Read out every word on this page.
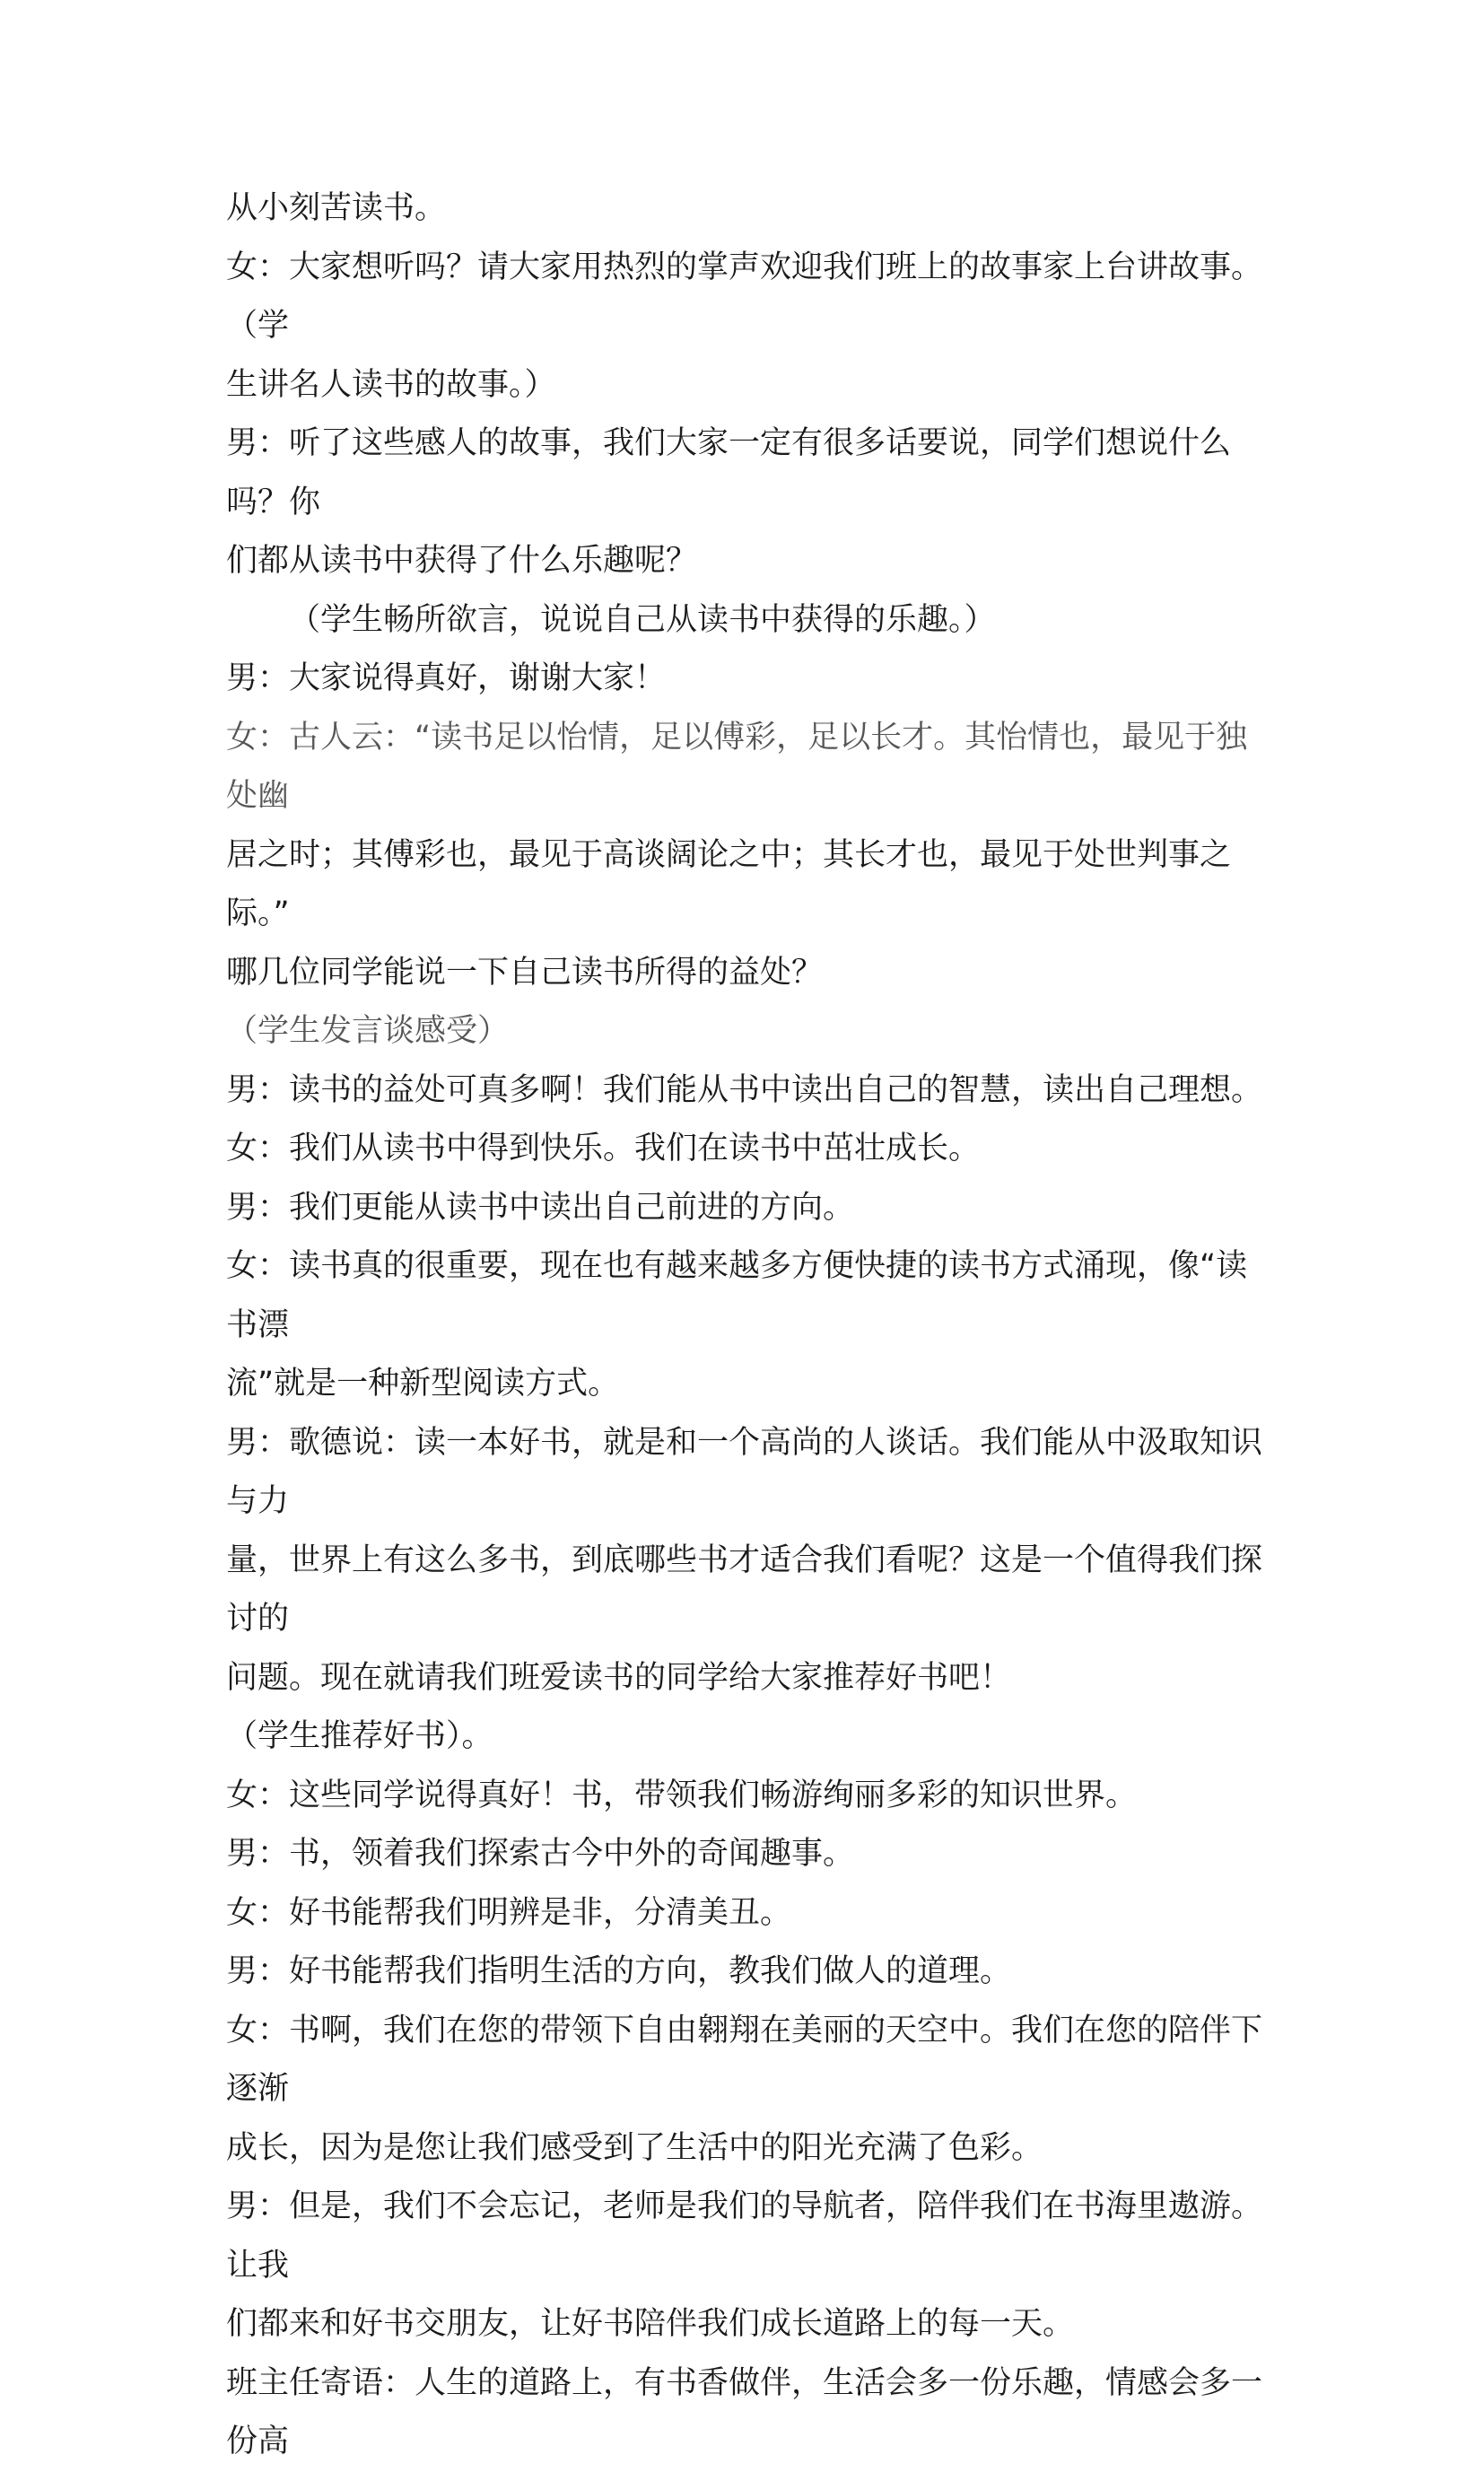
从小刻苦读书。
女：大家想听吗？请大家用热烈的掌声欢迎我们班上的故事家上台讲故事。（学
生讲名人读书的故事。）
男：听了这些感人的故事，我们大家一定有很多话要说，同学们想说什么吗？你
们都从读书中获得了什么乐趣呢？
（学生畅所欲言，说说自己从读书中获得的乐趣。）
男：大家说得真好，谢谢大家！
女：古人云：“读书足以怡情，足以傅彩，足以长才。其怡情也，最见于独处幽
居之时；其傅彩也，最见于高谈阔论之中；其长才也，最见于处世判事之际。”
哪几位同学能说一下自己读书所得的益处？
（学生发言谈感受）
男：读书的益处可真多啊！我们能从书中读出自己的智慧，读出自己理想。
女：我们从读书中得到快乐。我们在读书中茁壮成长。
男：我们更能从读书中读出自己前进的方向。
女：读书真的很重要，现在也有越来越多方便快捷的读书方式涌现，像“读书漂
流”就是一种新型阅读方式。
男：歌德说：读一本好书，就是和一个高尚的人谈话。我们能从中汲取知识与力
量，世界上有这么多书，到底哪些书才适合我们看呢？这是一个值得我们探讨的
问题。现在就请我们班爱读书的同学给大家推荐好书吧！
（学生推荐好书）。
女：这些同学说得真好！书，带领我们畅游绚丽多彩的知识世界。
男：书，领着我们探索古今中外的奇闻趣事。
女：好书能帮我们明辨是非，分清美丑。
男：好书能帮我们指明生活的方向，教我们做人的道理。
女：书啊，我们在您的带领下自由翱翔在美丽的天空中。我们在您的陪伴下逐渐
成长，因为是您让我们感受到了生活中的阳光充满了色彩。
男：但是，我们不会忘记，老师是我们的导航者，陪伴我们在书海里遨游。让我
们都来和好书交朋友，让好书陪伴我们成长道路上的每一天。
班主任寄语：人生的道路上，有书香做伴，生活会多一份乐趣，情感会多一份高
